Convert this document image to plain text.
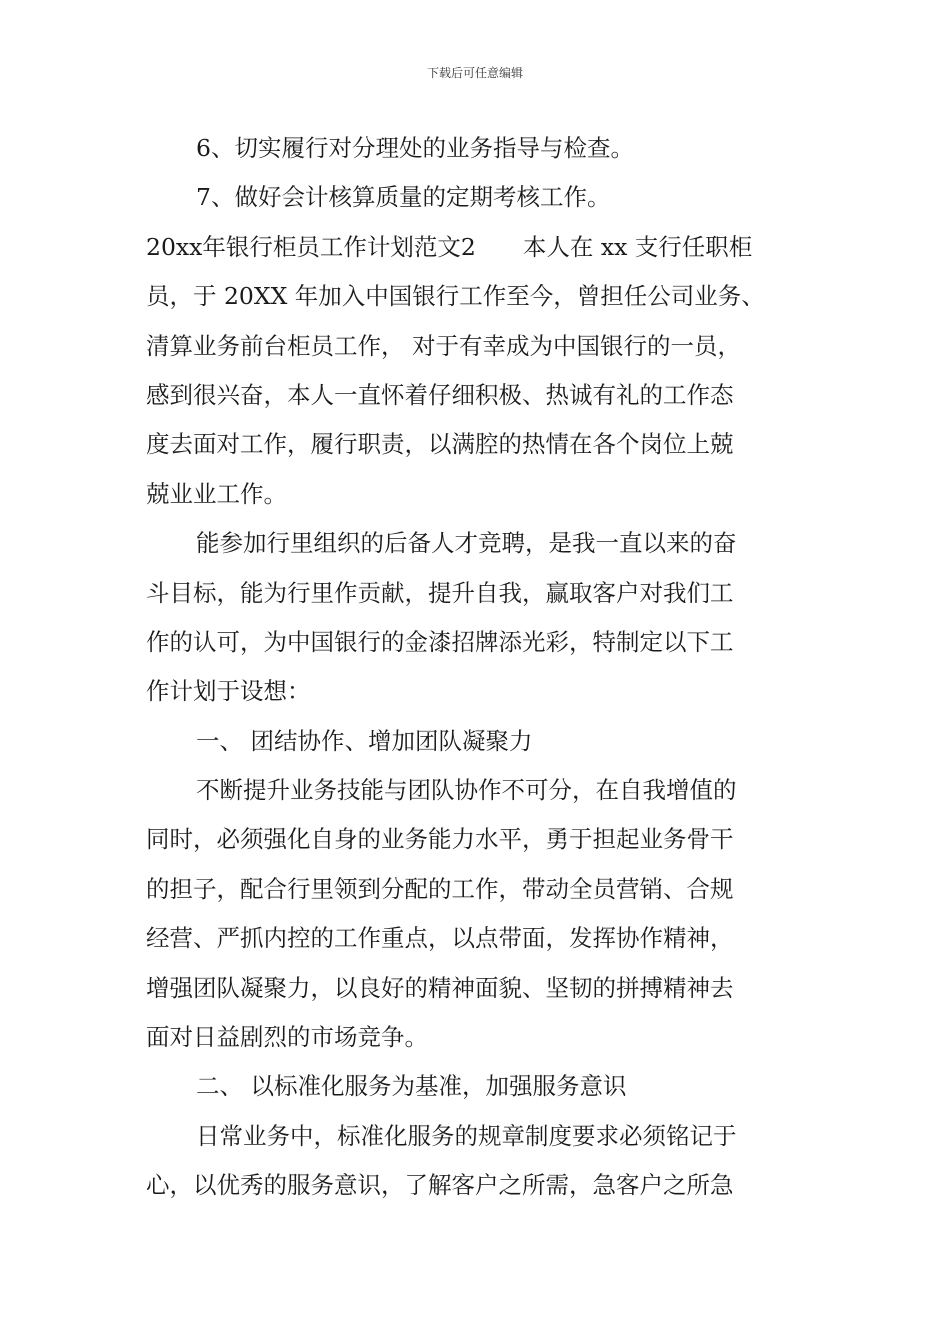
下载后可任意编辑
6、切实履行对分理处的业务指导与检查。
7、做好会计核算质量的定期考核工作。
20xx年银行柜员工作计划范文2　　本人在 xx 支行任职柜
员，于 20XX 年加入中国银行工作至今，曾担任公司业务、
清算业务前台柜员工作， 对于有幸成为中国银行的一员，
感到很兴奋，本人一直怀着仔细积极、热诚有礼的工作态
度去面对工作，履行职责，以满腔的热情在各个岗位上兢
兢业业工作。
能参加行里组织的后备人才竞聘，是我一直以来的奋
斗目标，能为行里作贡献，提升自我，赢取客户对我们工
作的认可，为中国银行的金漆招牌添光彩，特制定以下工
作计划于设想：
一、 团结协作、增加团队凝聚力
不断提升业务技能与团队协作不可分，在自我增值的
同时，必须强化自身的业务能力水平，勇于担起业务骨干
的担子，配合行里领到分配的工作，带动全员营销、合规
经营、严抓内控的工作重点，以点带面，发挥协作精神，
增强团队凝聚力，以良好的精神面貌、坚韧的拼搏精神去
面对日益剧烈的市场竞争。
二、 以标准化服务为基准，加强服务意识
日常业务中，标准化服务的规章制度要求必须铭记于
心，以优秀的服务意识，了解客户之所需，急客户之所急
